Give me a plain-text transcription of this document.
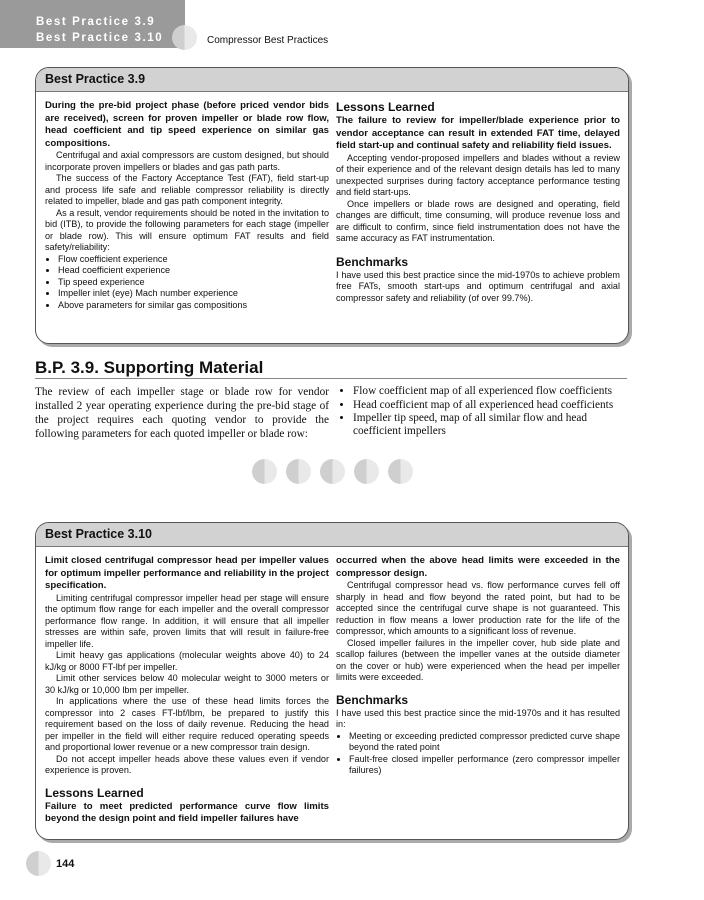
Best Practice 3.9
Best Practice 3.10	Compressor Best Practices
Best Practice 3.9

During the pre-bid project phase (before priced vendor bids are received), screen for proven impeller or blade row flow, head coefficient and tip speed experience on similar gas compositions.

Centrifugal and axial compressors are custom designed, but should incorporate proven impellers or blades and gas path parts.

The success of the Factory Acceptance Test (FAT), field start-up and process life safe and reliable compressor reliability is directly related to impeller, blade and gas path component integrity.

As a result, vendor requirements should be noted in the invitation to bid (ITB), to provide the following parameters for each stage (impeller or blade row). This will ensure optimum FAT results and field safety/reliability:

• Flow coefficient experience
• Head coefficient experience
• Tip speed experience
• Impeller inlet (eye) Mach number experience
• Above parameters for similar gas compositions
Lessons Learned

The failure to review for impeller/blade experience prior to vendor acceptance can result in extended FAT time, delayed field start-up and continual safety and reliability field issues.

Accepting vendor-proposed impellers and blades without a review of their experience and of the relevant design details has led to many unexpected surprises during factory acceptance performance testing and field start-ups.

Once impellers or blade rows are designed and operating, field changes are difficult, time consuming, will produce revenue loss and are difficult to confirm, since field instrumentation does not have the same accuracy as FAT instrumentation.

Benchmarks

I have used this best practice since the mid-1970s to achieve problem free FATs, smooth start-ups and optimum centrifugal and axial compressor safety and reliability (of over 99.7%).

B.P. 3.9. Supporting Material
The review of each impeller stage or blade row for vendor installed 2 year operating experience during the pre-bid stage of the project requires each quoting vendor to provide the following parameters for each quoted impeller or blade row:
• Flow coefficient map of all experienced flow coefficients
• Head coefficient map of all experienced head coefficients
• Impeller tip speed, map of all similar flow and head coefficient impellers
Best Practice 3.10

Limit closed centrifugal compressor head per impeller values for optimum impeller performance and reliability in the project specification.

Limiting centrifugal compressor impeller head per stage will ensure the optimum flow range for each impeller and the overall compressor performance flow range. In addition, it will ensure that all impeller stresses are within safe, proven limits that will result in failure-free impeller life.

Limit heavy gas applications (molecular weights above 40) to 24 kJ/kg or 8000 FT-lbf per impeller.

Limit other services below 40 molecular weight to 3000 meters or 30 kJ/kg or 10,000 lbm per impeller.

In applications where the use of these head limits forces the compressor into 2 cases FT-lbf/lbm, be prepared to justify this requirement based on the loss of daily revenue. Reducing the head per impeller in the field will either require reduced operating speeds and proportional lower revenue or a new compressor train design.

Do not accept impeller heads above these values even if vendor experience is proven.

Lessons Learned

Failure to meet predicted performance curve flow limits beyond the design point and field impeller failures have

occurred when the above head limits were exceeded in the compressor design.

Centrifugal compressor head vs. flow performance curves fell off sharply in head and flow beyond the rated point, but had to be accepted since the centrifugal curve shape is not guaranteed. This reduction in flow means a lower production rate for the life of the compressor, which amounts to a significant loss of revenue.

Closed impeller failures in the impeller cover, hub side plate and scallop failures (between the impeller vanes at the outside diameter on the cover or hub) were experienced when the head per impeller limits were exceeded.

Benchmarks

I have used this best practice since the mid-1970s and it has resulted in:

• Meeting or exceeding predicted compressor predicted curve shape beyond the rated point
• Fault-free closed impeller performance (zero compressor impeller failures)
144
